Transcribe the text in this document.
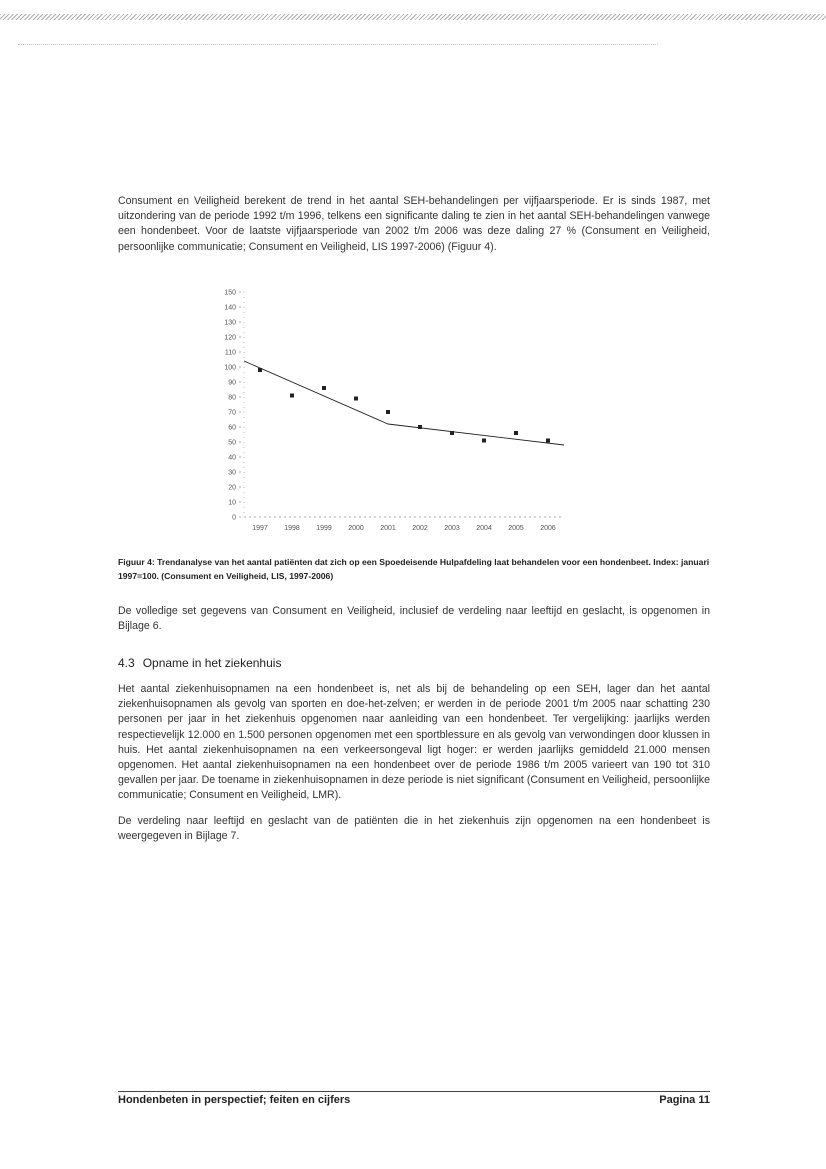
Consument en Veiligheid berekent de trend in het aantal SEH-behandelingen per vijfjaarsperiode. Er is sinds 1987, met uitzondering van de periode 1992 t/m 1996, telkens een significante daling te zien in het aantal SEH-behandelingen vanwege een hondenbeet. Voor de laatste vijfjaarsperiode van 2002 t/m 2006 was deze daling 27 % (Consument en Veiligheid, persoonlijke communicatie; Consument en Veiligheid, LIS 1997-2006) (Figuur 4).

0
10
20
30
40
50
60
70
80
90
100
110
120
130
140
150
1997 1998 1999 2000 2001 2002 2003 2004 2005 2006

Figuur 4: Trendanalyse van het aantal patiënten dat zich op een Spoedeisende Hulpafdeling laat behandelen voor een hondenbeet. Index: januari 1997=100. (Consument en Veiligheid, LIS, 1997-2006)

De volledige set gegevens van Consument en Veiligheid, inclusief de verdeling naar leeftijd en geslacht, is opgenomen in Bijlage 6.

4.3 Opname in het ziekenhuis

Het aantal ziekenhuisopnamen na een hondenbeet is, net als bij de behandeling op een SEH, lager dan het aantal ziekenhuisopnamen als gevolg van sporten en doe-het-zelven; er werden in de periode 2001 t/m 2005 naar schatting 230 personen per jaar in het ziekenhuis opgenomen naar aanleiding van een hondenbeet. Ter vergelijking: jaarlijks werden respectievelijk 12.000 en 1.500 personen opgenomen met een sportblessure en als gevolg van verwondingen door klussen in huis. Het aantal ziekenhuisopnamen na een verkeersongeval ligt hoger: er werden jaarlijks gemiddeld 21.000 mensen opgenomen. Het aantal ziekenhuisopnamen na een hondenbeet over de periode 1986 t/m 2005 varieert van 190 tot 310 gevallen per jaar. De toename in ziekenhuisopnamen in deze periode is niet significant (Consument en Veiligheid, persoonlijke communicatie; Consument en Veiligheid, LMR).

De verdeling naar leeftijd en geslacht van de patiënten die in het ziekenhuis zijn opgenomen na een hondenbeet is weergegeven in Bijlage 7.

Hondenbeten in perspectief; feiten en cijfers	Pagina 11
